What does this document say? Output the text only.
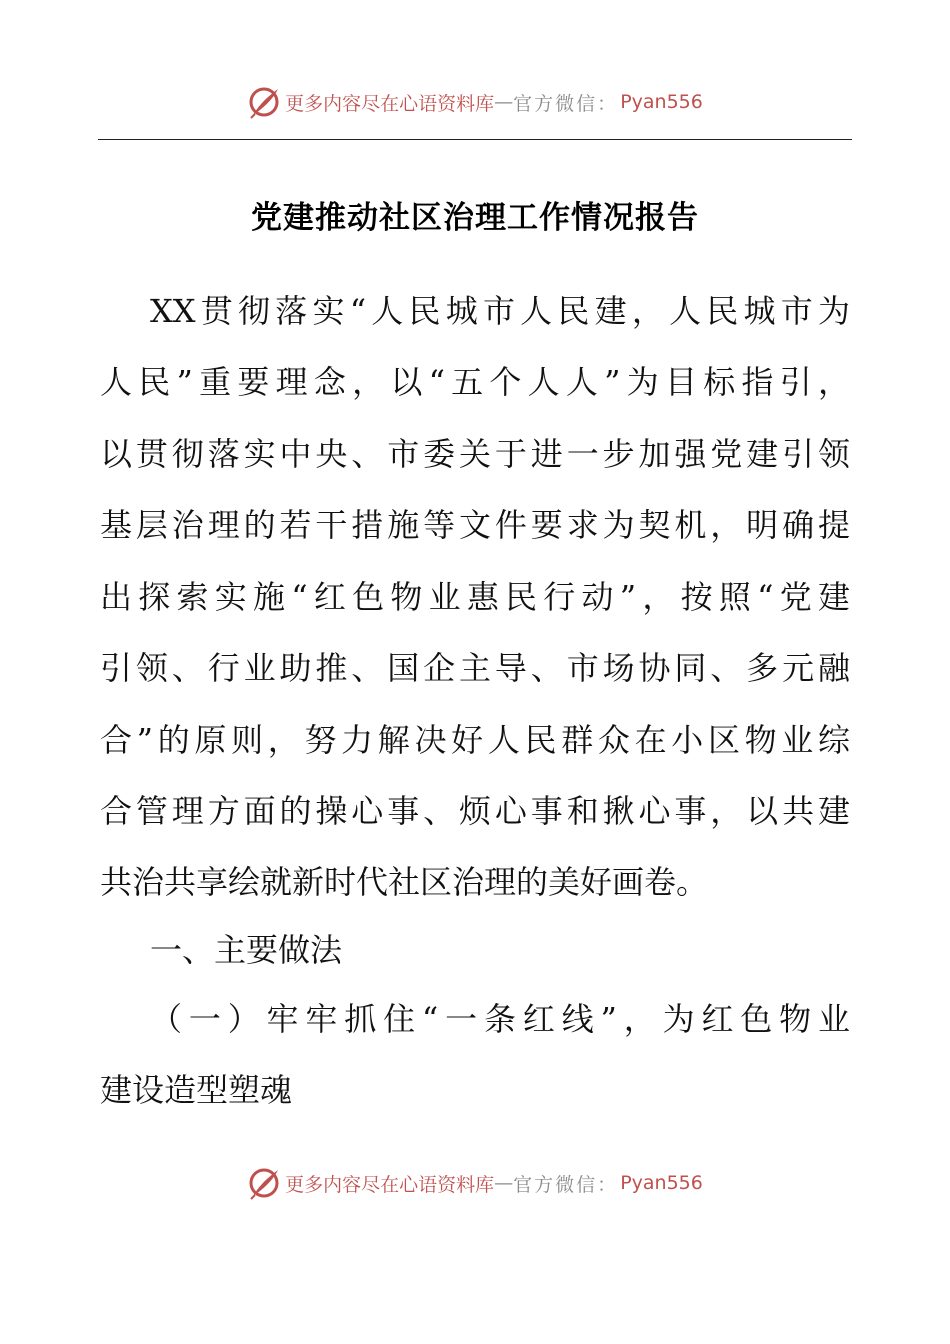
更多内容尽在心语资料库 — 官方微信： Pyan556
党建推动社区治理工作情况报告
XX贯彻落实“人民城市人民建，人民城市为
人民”重要理念，以“五个人人”为目标指引，
以贯彻落实中央、市委关于进一步加强党建引领
基层治理的若干措施等文件要求为契机，明确提
出探索实施“红色物业惠民行动”，按照“党建
引领、行业助推、国企主导、市场协同、多元融
合”的原则，努力解决好人民群众在小区物业综
合管理方面的操心事、烦心事和揪心事，以共建
共治共享绘就新时代社区治理的美好画卷。
一、主要做法
（一）牢牢抓住“一条红线”，为红色物业
建设造型塑魂
更多内容尽在心语资料库 — 官方微信： Pyan556
